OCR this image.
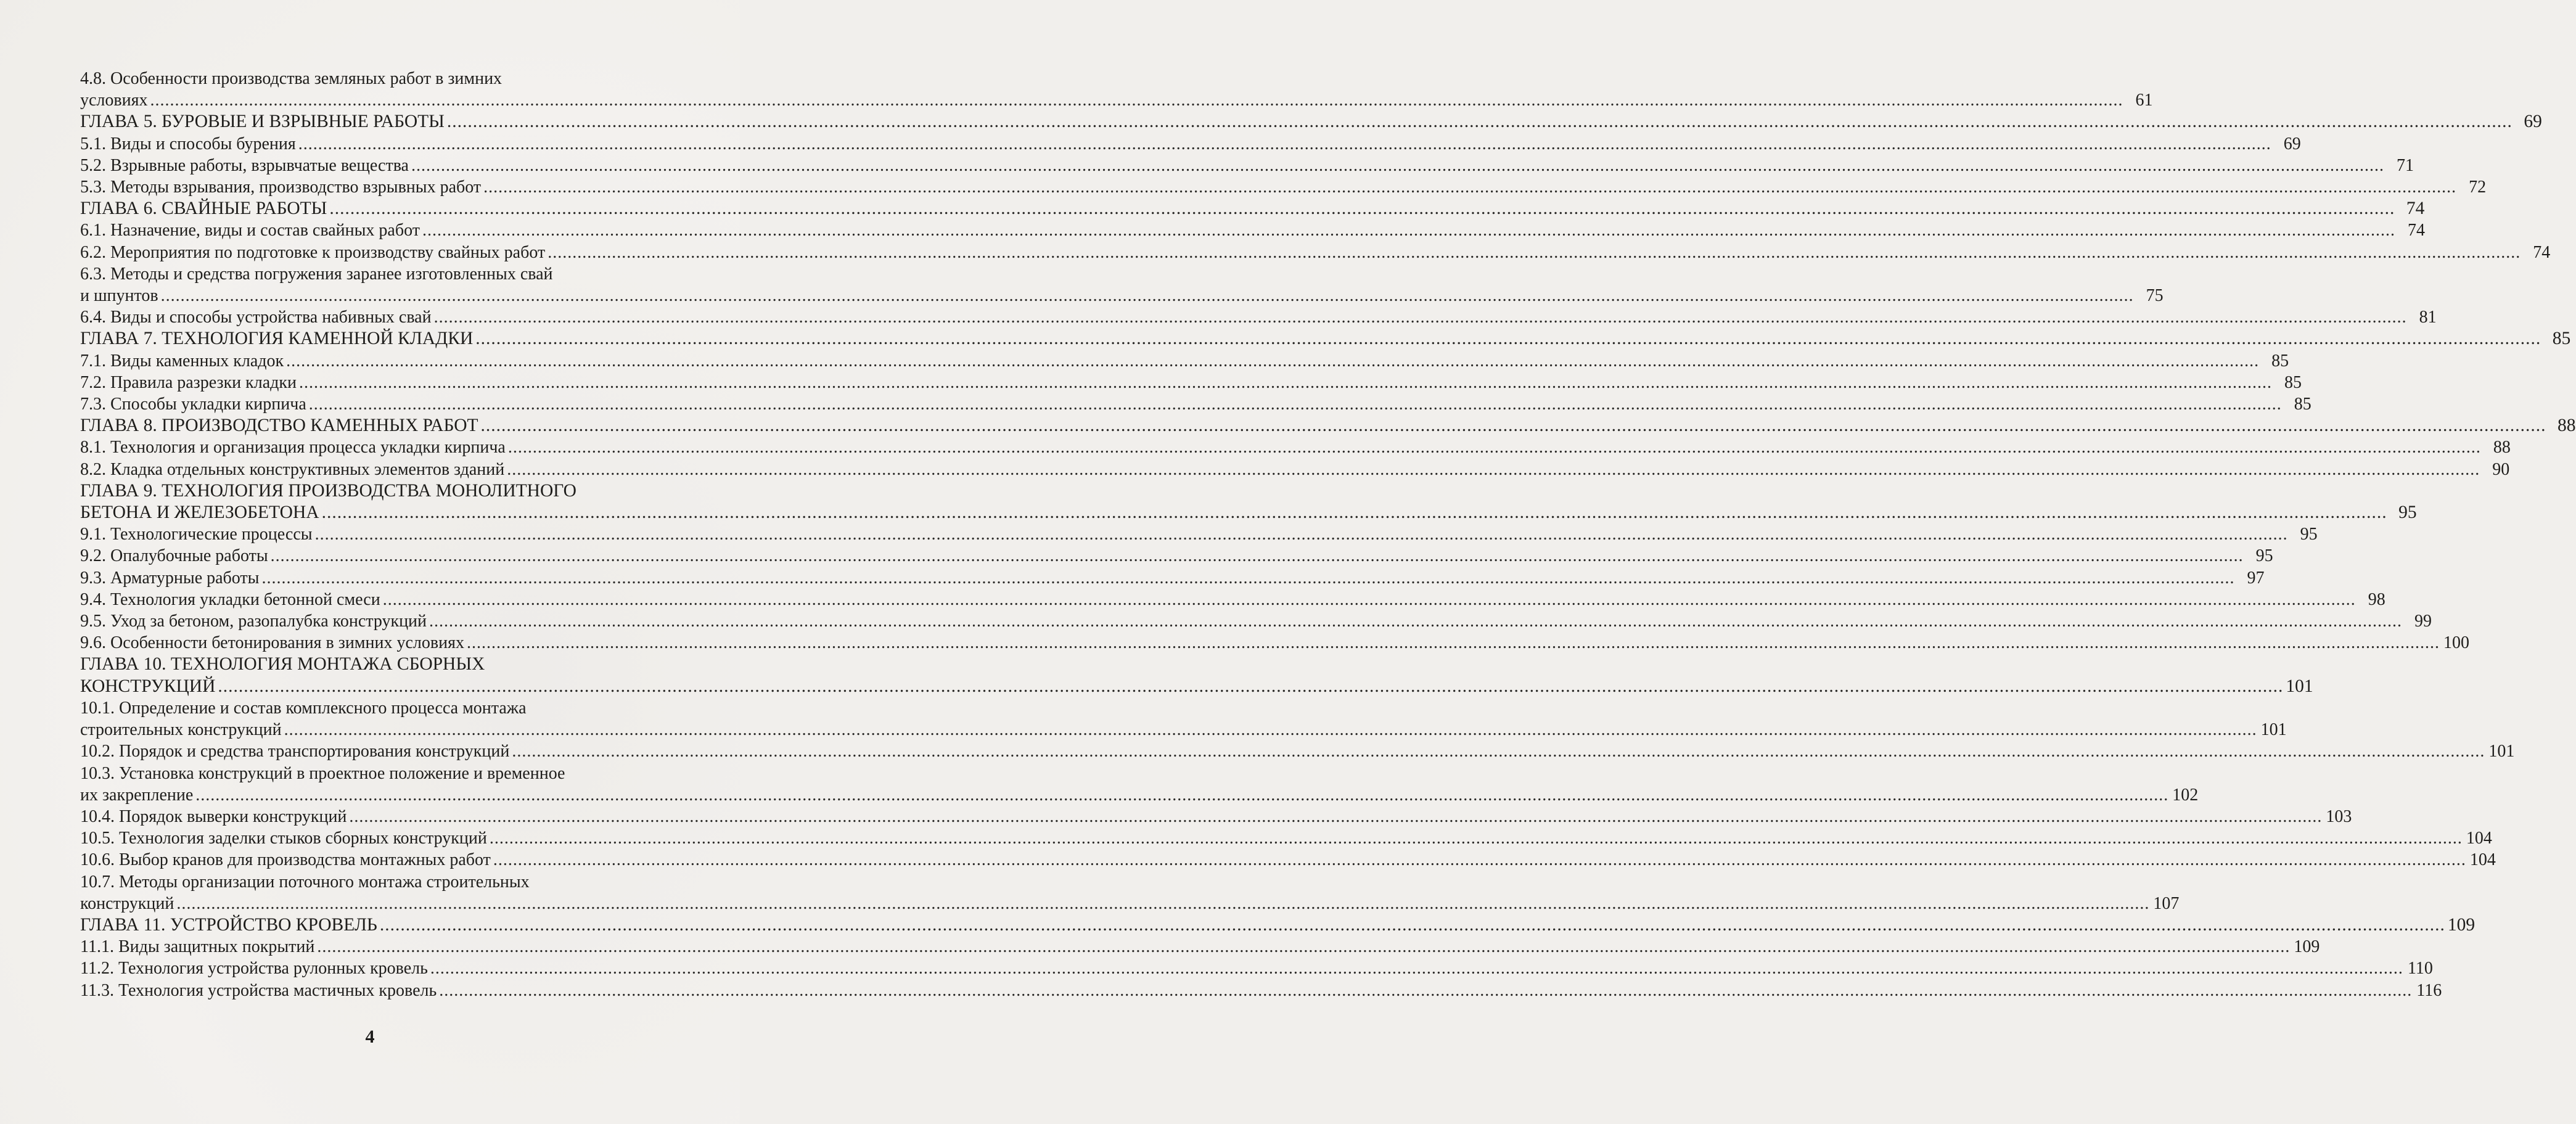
4.8. Особенности производства земляных работ в зимних
условиях ................................................................................................................................................................................................................................................................................................................................................................................................................ 61
ГЛАВА 5. БУРОВЫЕ И ВЗРЫВНЫЕ РАБОТЫ ................................................................................................................................................................................................................................................................................................................................................................................................................ 69
5.1. Виды и способы бурения ................................................................................................................................................................................................................................................................................................................................................................................................................ 69
5.2. Взрывные работы, взрывчатые вещества ................................................................................................................................................................................................................................................................................................................................................................................................................ 71
5.3. Методы взрывания, производство взрывных работ ................................................................................................................................................................................................................................................................................................................................................................................................................ 72
ГЛАВА 6. СВАЙНЫЕ РАБОТЫ ................................................................................................................................................................................................................................................................................................................................................................................................................ 74
6.1. Назначение, виды и состав свайных работ ................................................................................................................................................................................................................................................................................................................................................................................................................ 74
6.2. Мероприятия по подготовке к производству свайных работ ................................................................................................................................................................................................................................................................................................................................................................................................................ 74
6.3. Методы и средства погружения заранее изготовленных свай
и шпунтов ................................................................................................................................................................................................................................................................................................................................................................................................................ 75
6.4. Виды и способы устройства набивных свай ................................................................................................................................................................................................................................................................................................................................................................................................................ 81
ГЛАВА 7. ТЕХНОЛОГИЯ КАМЕННОЙ КЛАДКИ ................................................................................................................................................................................................................................................................................................................................................................................................................ 85
7.1. Виды каменных кладок ................................................................................................................................................................................................................................................................................................................................................................................................................ 85
7.2. Правила разрезки кладки ................................................................................................................................................................................................................................................................................................................................................................................................................ 85
7.3. Способы укладки кирпича ................................................................................................................................................................................................................................................................................................................................................................................................................ 85
ГЛАВА 8. ПРОИЗВОДСТВО КАМЕННЫХ РАБОТ ................................................................................................................................................................................................................................................................................................................................................................................................................ 88
8.1. Технология и организация процесса укладки кирпича ................................................................................................................................................................................................................................................................................................................................................................................................................ 88
8.2. Кладка отдельных конструктивных элементов зданий ................................................................................................................................................................................................................................................................................................................................................................................................................ 90
ГЛАВА 9. ТЕХНОЛОГИЯ ПРОИЗВОДСТВА МОНОЛИТНОГО
БЕТОНА И ЖЕЛЕЗОБЕТОНА ................................................................................................................................................................................................................................................................................................................................................................................................................ 95
9.1. Технологические процессы ................................................................................................................................................................................................................................................................................................................................................................................................................ 95
9.2. Опалубочные работы ................................................................................................................................................................................................................................................................................................................................................................................................................ 95
9.3. Арматурные работы ................................................................................................................................................................................................................................................................................................................................................................................................................ 97
9.4. Технология укладки бетонной смеси ................................................................................................................................................................................................................................................................................................................................................................................................................ 98
9.5. Уход за бетоном, разопалубка конструкций ................................................................................................................................................................................................................................................................................................................................................................................................................ 99
9.6. Особенности бетонирования в зимних условиях ................................................................................................................................................................................................................................................................................................................................................................................................................ 100
ГЛАВА 10. ТЕХНОЛОГИЯ МОНТАЖА СБОРНЫХ
КОНСТРУКЦИЙ ................................................................................................................................................................................................................................................................................................................................................................................................................ 101
10.1. Определение и состав комплексного процесса монтажа
строительных конструкций ................................................................................................................................................................................................................................................................................................................................................................................................................ 101
10.2. Порядок и средства транспортирования конструкций ................................................................................................................................................................................................................................................................................................................................................................................................................ 101
10.3. Установка конструкций в проектное положение и временное
их закрепление ................................................................................................................................................................................................................................................................................................................................................................................................................ 102
10.4. Порядок выверки конструкций ................................................................................................................................................................................................................................................................................................................................................................................................................ 103
10.5. Технология заделки стыков сборных конструкций ................................................................................................................................................................................................................................................................................................................................................................................................................ 104
10.6. Выбор кранов для производства монтажных работ ................................................................................................................................................................................................................................................................................................................................................................................................................ 104
10.7. Методы организации поточного монтажа строительных
конструкций ................................................................................................................................................................................................................................................................................................................................................................................................................ 107
ГЛАВА 11. УСТРОЙСТВО КРОВЕЛЬ ................................................................................................................................................................................................................................................................................................................................................................................................................ 109
11.1. Виды защитных покрытий ................................................................................................................................................................................................................................................................................................................................................................................................................ 109
11.2. Технология устройства рулонных кровель ................................................................................................................................................................................................................................................................................................................................................................................................................ 110
11.3. Технология устройства мастичных кровель ................................................................................................................................................................................................................................................................................................................................................................................................................ 116
4
